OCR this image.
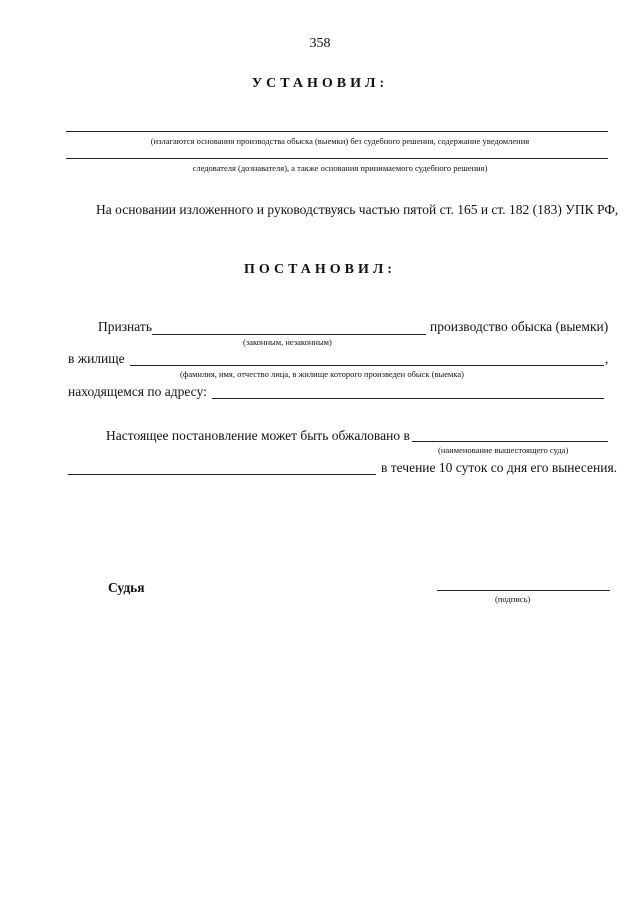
358
УСТАНОВИЛ:
(излагаются основания производства обыска (выемки) без судебного решения, содержание уведомления
следователя (дознавателя), а также основания принимаемого судебного решения)
На основании изложенного и руководствуясь частью пятой ст. 165 и ст. 182 (183) УПК РФ,
ПОСТАНОВИЛ:
Признать	производство обыска (выемки)
(законным, незаконным)
в жилище	,
(фамилия, имя, отчество лица, в жилище которого произведен обыск (выемка)
находящемся по адресу:
Настоящее постановление может быть обжаловано в
(наименование вышестоящего суда)
в течение 10 суток со дня его вынесения.
Судья
(подпись)
